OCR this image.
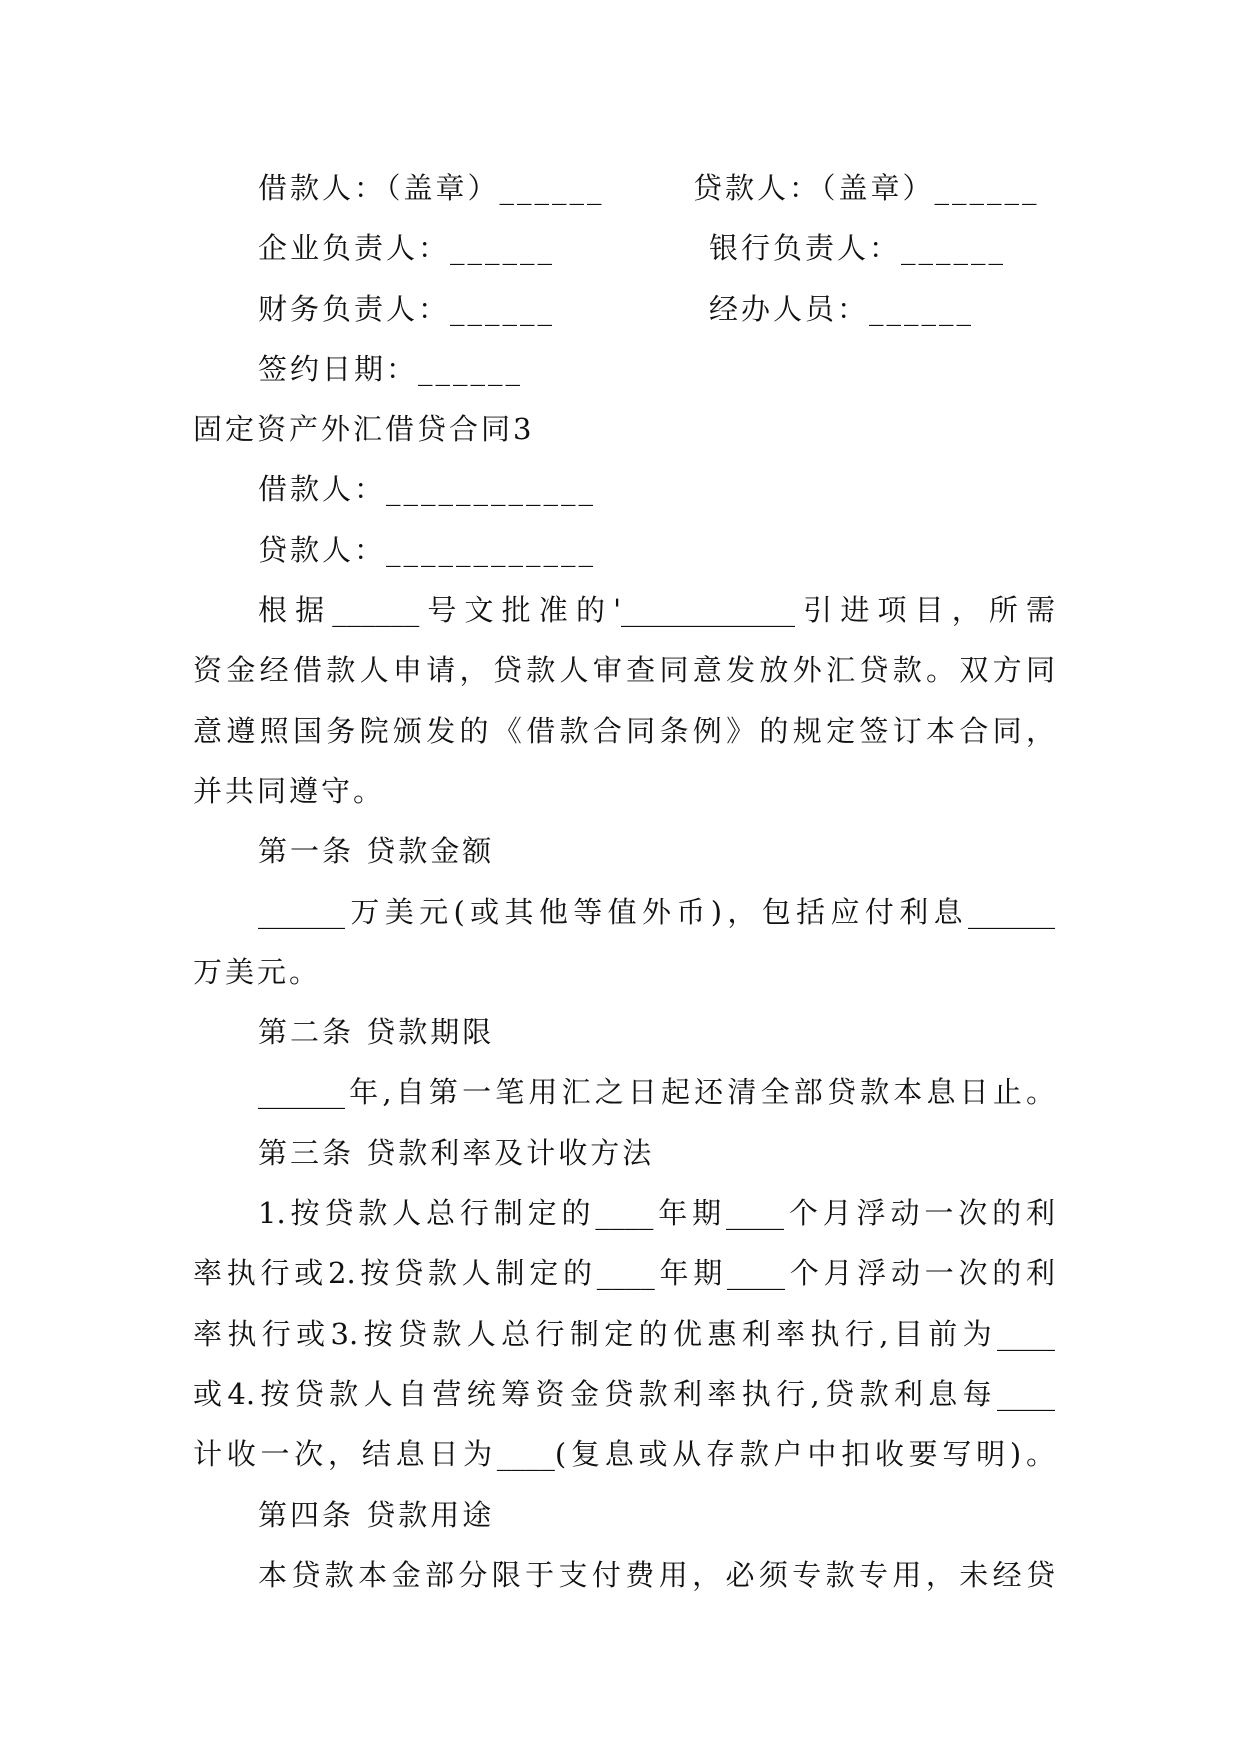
借款人：（盖章）______	贷款人：（盖章）______
企业负责人：______	银行负责人：______
财务负责人：______	经办人员：______
签约日期：______
固定资产外汇借贷合同3
借款人：____________
贷款人：____________
根据______号文批准的'____________引进项目，所需
资金经借款人申请，贷款人审查同意发放外汇贷款。双方同
意遵照国务院颁发的《借款合同条例》的规定签订本合同，
并共同遵守。
第一条 贷款金额
______万美元(或其他等值外币)，包括应付利息______
万美元。
第二条 贷款期限
______年,自第一笔用汇之日起还清全部贷款本息日止。
第三条 贷款利率及计收方法
1.按贷款人总行制定的____年期____个月浮动一次的利
率执行或2.按贷款人制定的____年期____个月浮动一次的利
率执行或3.按贷款人总行制定的优惠利率执行,目前为____
或4.按贷款人自营统筹资金贷款利率执行,贷款利息每____
计收一次，结息日为____(复息或从存款户中扣收要写明)。
第四条 贷款用途
本贷款本金部分限于支付费用，必须专款专用，未经贷
